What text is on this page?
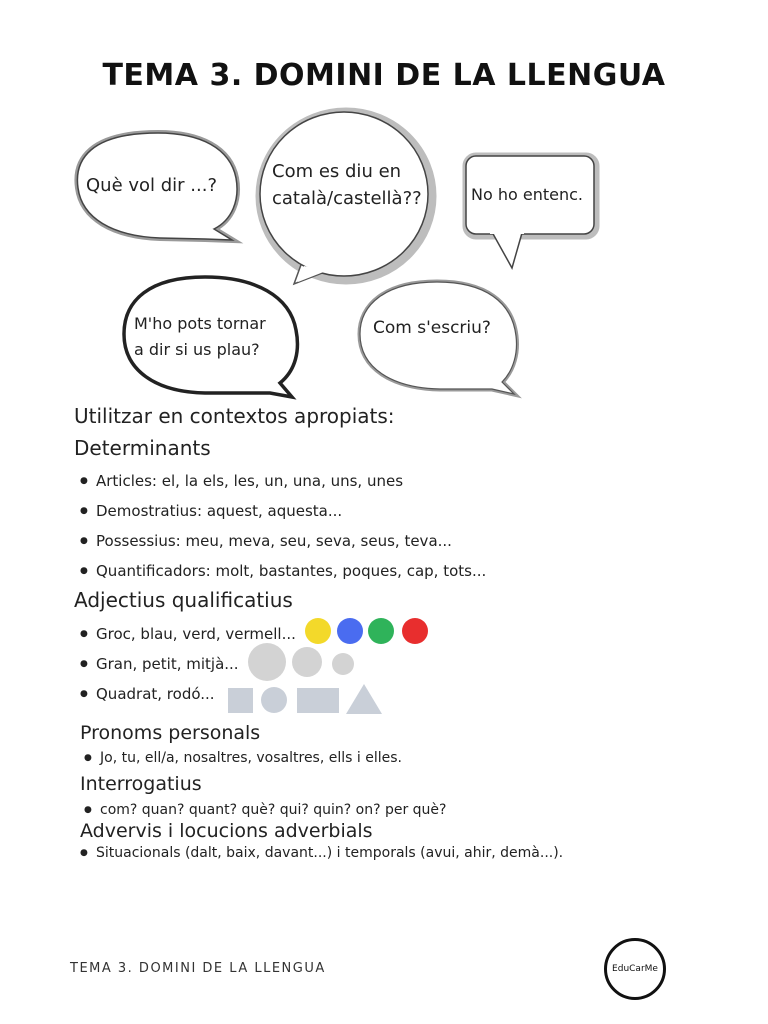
TEMA 3. DOMINI DE LA LLENGUA
Què vol dir ...?
Com es diu en
català/castellà??	No ho entenc.
M'ho pots tornar
a dir si us plau?
Com s'escriu?
Utilitzar en contextos apropiats:
Determinants
● Articles: el, la els, les, un, una, uns, unes
● Demostratius: aquest, aquesta...
● Possessius: meu, meva, seu, seva, seus, teva...
● Quantificadors: molt, bastantes, poques, cap, tots...
Adjectius qualificatius
● Groc, blau, verd, vermell...
● Gran, petit, mitjà...
● Quadrat, rodó...
Pronoms personals
● Jo, tu, ell/a, nosaltres, vosaltres, ells i elles.
Interrogatius
● com? quan? quant? què? qui? quin? on? per què?
Advervis i locucions adverbials
● Situacionals (dalt, baix, davant...) i temporals (avui, ahir, demà...).
TEMA 3. DOMINI DE LA LLENGUA	EduCarMe
